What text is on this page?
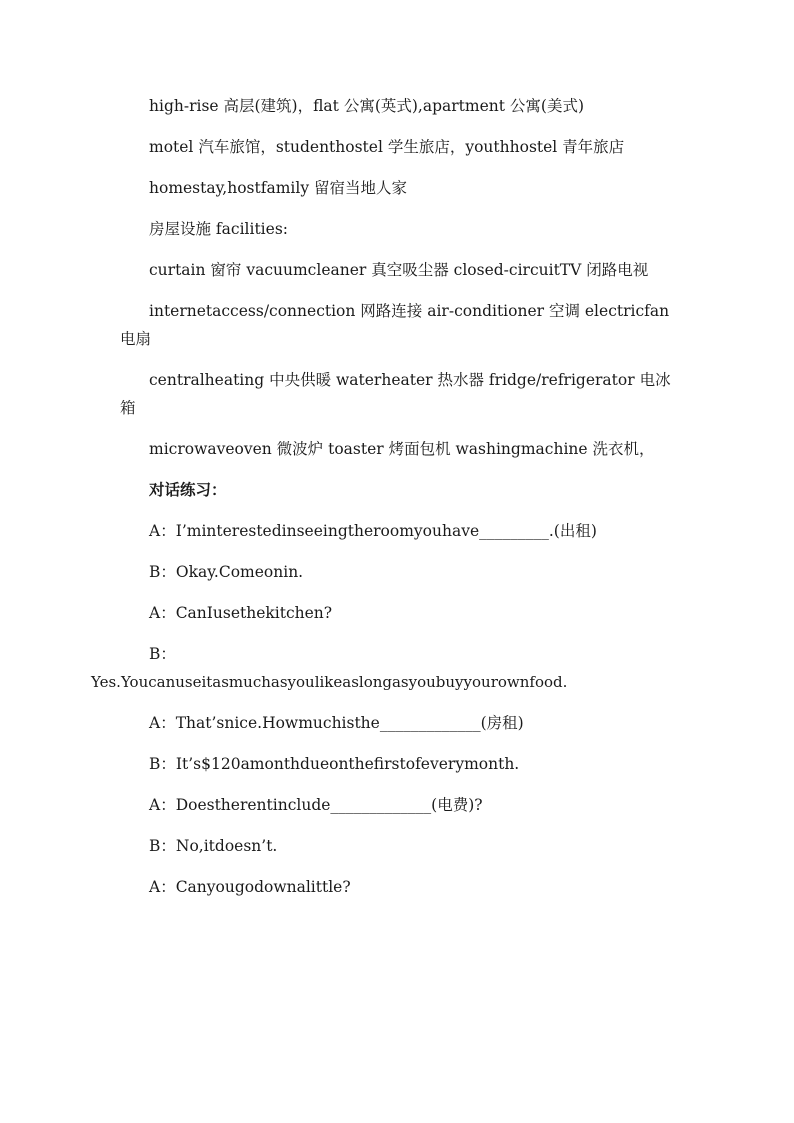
high-rise 高层(建筑)，flat 公寓(英式),apartment 公寓(美式)

motel 汽车旅馆，studenthostel 学生旅店，youthhostel 青年旅店

homestay,hostfamily 留宿当地人家

房屋设施 facilities:

curtain 窗帘 vacuumcleaner 真空吸尘器 closed-circuitTV 闭路电视

internetaccess/connection 网路连接 air-conditioner 空调 electricfan 电扇

centralheating 中央供暖 waterheater 热水器 fridge/refrigerator 电冰箱

microwaveoven 微波炉 toaster 烤面包机 washingmachine 洗衣机，

对话练习：

A：I’minterestedinseeingtheroomyouhave_________.(出租)

B：Okay.Comeonin.

A：CanIusethekitchen?

B：

Yes.Youcanuseitasmuchasyoulikeaslongasyoubuyyourownfood.

A：That’snice.Howmuchisthe_____________(房租)

B：It’s$120amonthdueonthefirstofeverymonth.

A：Doestherentinclude_____________(电费)?

B：No,itdoesn’t.

A：Canyougodownalittle?
